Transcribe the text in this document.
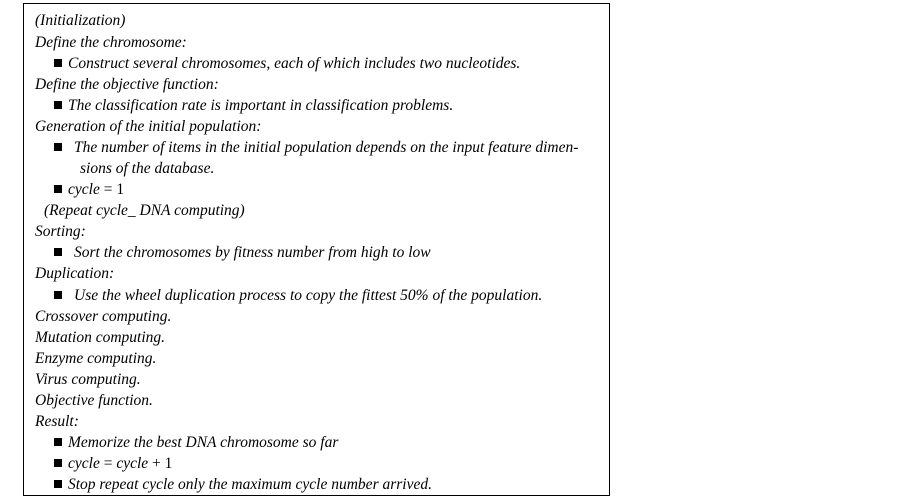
(Initialization)
Define the chromosome:
Construct several chromosomes, each of which includes two nucleotides.
Define the objective function:
The classification rate is important in classification problems.
Generation of the initial population:
The number of items in the initial population depends on the input feature dimen-
sions of the database.
cycle = 1
(Repeat cycle_ DNA computing)
Sorting:
Sort the chromosomes by fitness number from high to low
Duplication:
Use the wheel duplication process to copy the fittest 50% of the population.
Crossover computing.
Mutation computing.
Enzyme computing.
Virus computing.
Objective function.
Result:
Memorize the best DNA chromosome so far
cycle = cycle + 1
Stop repeat cycle only the maximum cycle number arrived.
